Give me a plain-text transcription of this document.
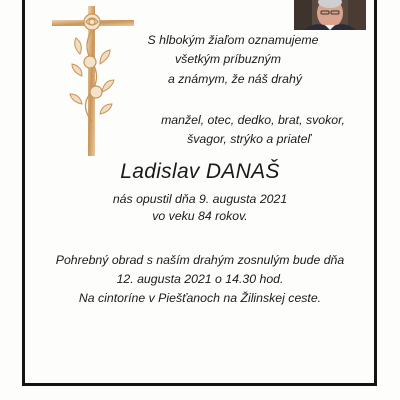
S hlbokým žiaľom oznamujeme
všetkým príbuzným
a známym, že náš drahý
manžel, otec, dedko, brat, svokor,
švagor, strýko a priateľ
Ladislav DANAŠ
nás opustil dňa 9. augusta 2021
vo veku 84 rokov.
Pohrebný obrad s naším drahým zosnulým bude dňa
12. augusta 2021 o 14.30 hod.
Na cintoríne v Piešťanoch na Žilinskej ceste.
